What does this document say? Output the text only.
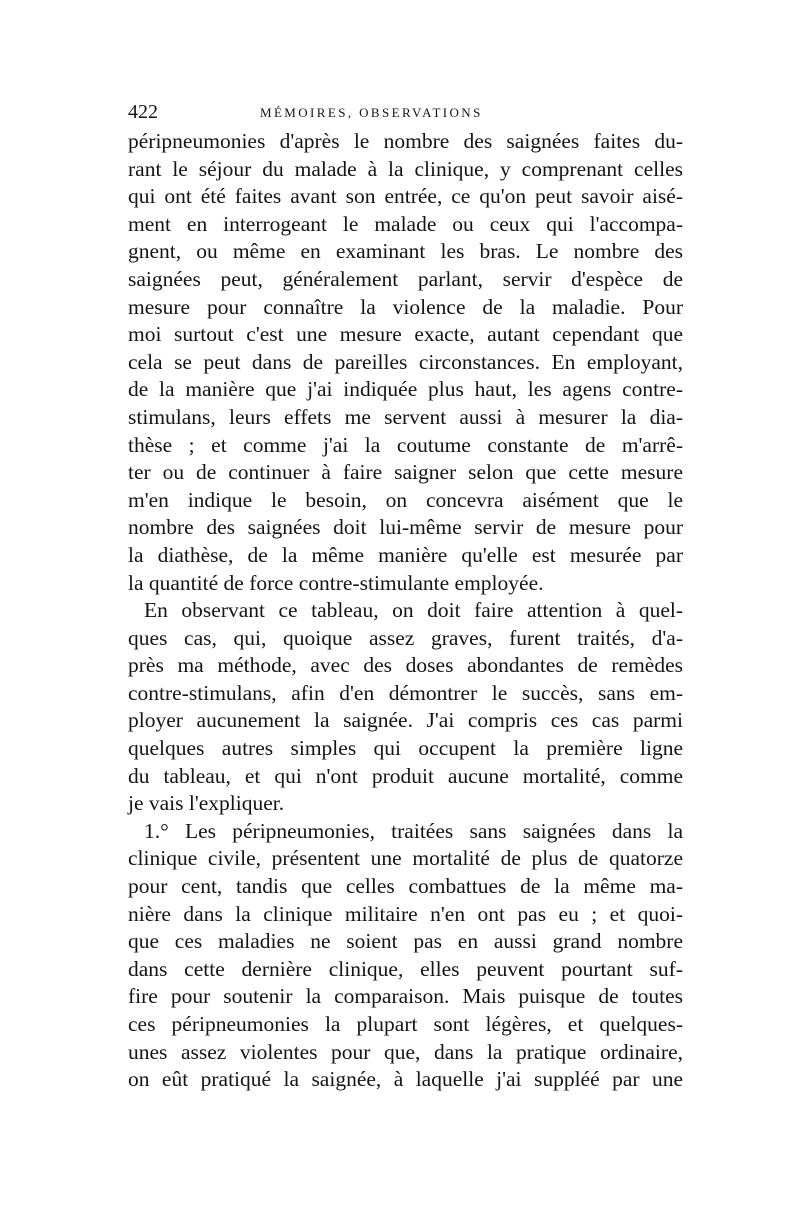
422	MÉMOIRES, OBSERVATIONS
péripneumonies d'après le nombre des saignées faites du-
rant le séjour du malade à la clinique, y comprenant celles
qui ont été faites avant son entrée, ce qu'on peut savoir aisé-
ment en interrogeant le malade ou ceux qui l'accompa-
gnent, ou même en examinant les bras. Le nombre des
saignées peut, généralement parlant, servir d'espèce de
mesure pour connaître la violence de la maladie. Pour
moi surtout c'est une mesure exacte, autant cependant que
cela se peut dans de pareilles circonstances. En employant,
de la manière que j'ai indiquée plus haut, les agens contre-
stimulans, leurs effets me servent aussi à mesurer la dia-
thèse ; et comme j'ai la coutume constante de m'arrê-
ter ou de continuer à faire saigner selon que cette mesure
m'en indique le besoin, on concevra aisément que le
nombre des saignées doit lui-même servir de mesure pour
la diathèse, de la même manière qu'elle est mesurée par
la quantité de force contre-stimulante employée.
En observant ce tableau, on doit faire attention à quel-
ques cas, qui, quoique assez graves, furent traités, d'a-
près ma méthode, avec des doses abondantes de remèdes
contre-stimulans, afin d'en démontrer le succès, sans em-
ployer aucunement la saignée. J'ai compris ces cas parmi
quelques autres simples qui occupent la première ligne
du tableau, et qui n'ont produit aucune mortalité, comme
je vais l'expliquer.
1.° Les péripneumonies, traitées sans saignées dans la
clinique civile, présentent une mortalité de plus de quatorze
pour cent, tandis que celles combattues de la même ma-
nière dans la clinique militaire n'en ont pas eu ; et quoi-
que ces maladies ne soient pas en aussi grand nombre
dans cette dernière clinique, elles peuvent pourtant suf-
fire pour soutenir la comparaison. Mais puisque de toutes
ces péripneumonies la plupart sont légères, et quelques-
unes assez violentes pour que, dans la pratique ordinaire,
on eût pratiqué la saignée, à laquelle j'ai suppléé par une
